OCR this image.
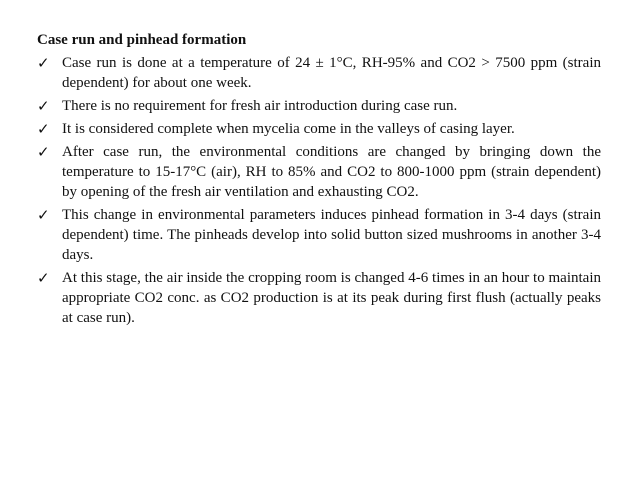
Case run and pinhead formation
✓ Case run is done at a temperature of 24 ± 1°C, RH-95% and CO2 > 7500 ppm (strain dependent) for about one week.
✓ There is no requirement for fresh air introduction during case run.
✓ It is considered complete when mycelia come in the valleys of casing layer.
✓ After case run, the environmental conditions are changed by bringing down the temperature to 15-17°C (air), RH to 85% and CO2 to 800-1000 ppm (strain dependent) by opening of the fresh air ventilation and exhausting CO2.
✓ This change in environmental parameters induces pinhead formation in 3-4 days (strain dependent) time. The pinheads develop into solid button sized mushrooms in another 3-4 days.
✓ At this stage, the air inside the cropping room is changed 4-6 times in an hour to maintain appropriate CO2 conc. as CO2 production is at its peak during first flush (actually peaks at case run).
